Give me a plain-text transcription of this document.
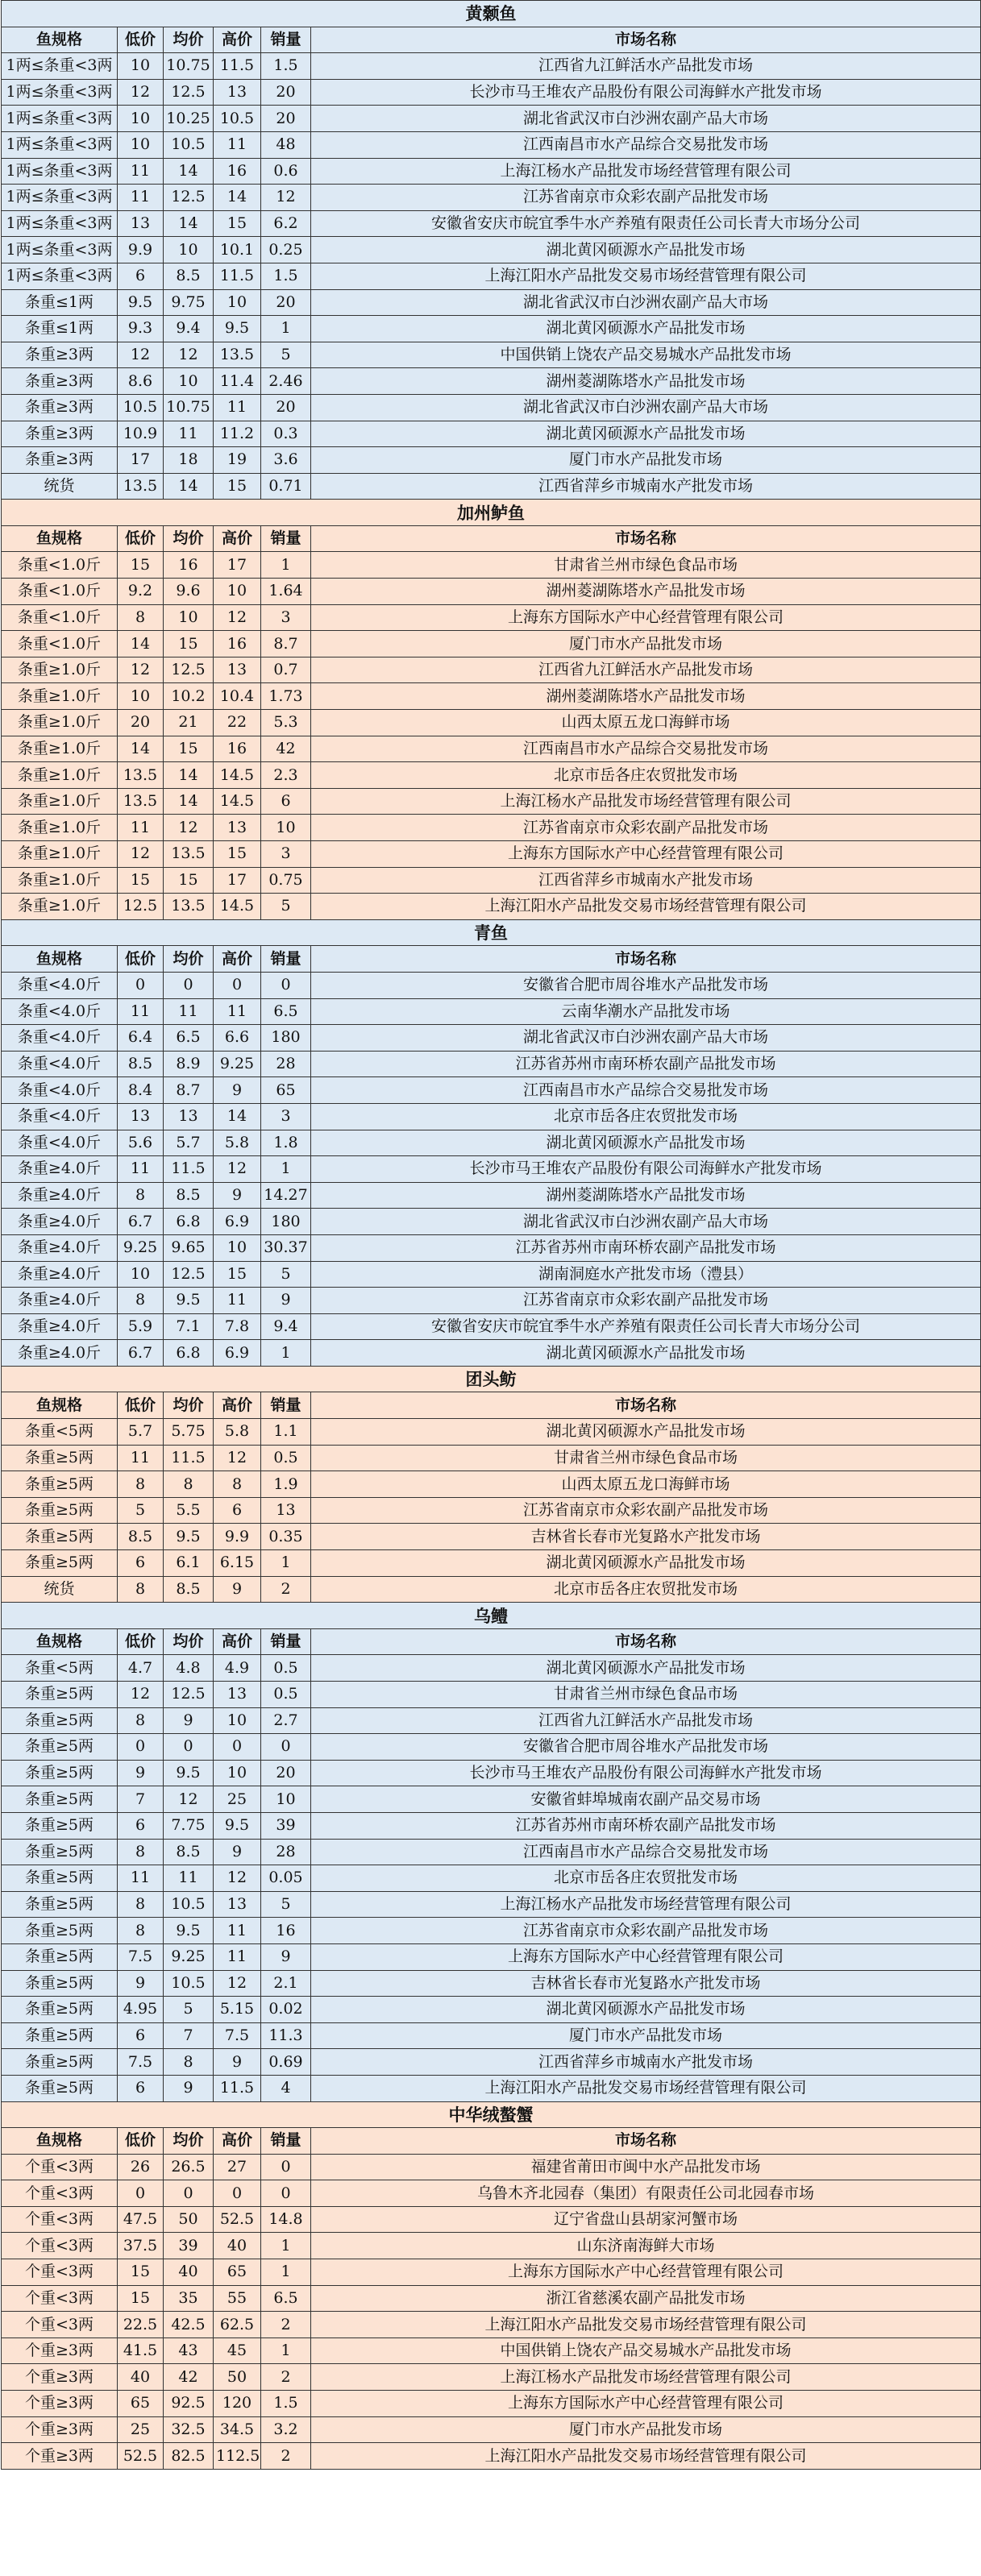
黄颡鱼					
鱼规格	低价	均价	高价	销量	市场名称
1两≤条重<3两	10	10.75	11.5	1.5	江西省九江鲜活水产品批发市场
1两≤条重<3两	12	12.5	13	20	长沙市马王堆农产品股份有限公司海鲜水产批发市场
1两≤条重<3两	10	10.25	10.5	20	湖北省武汉市白沙洲农副产品大市场
1两≤条重<3两	10	10.5	11	48	江西南昌市水产品综合交易批发市场
1两≤条重<3两	11	14	16	0.6	上海江杨水产品批发市场经营管理有限公司
1两≤条重<3两	11	12.5	14	12	江苏省南京市众彩农副产品批发市场
1两≤条重<3两	13	14	15	6.2	安徽省安庆市皖宜季牛水产养殖有限责任公司长青大市场分公司
1两≤条重<3两	9.9	10	10.1	0.25	湖北黄冈硕源水产品批发市场
1两≤条重<3两	6	8.5	11.5	1.5	上海江阳水产品批发交易市场经营管理有限公司
条重≤1两	9.5	9.75	10	20	湖北省武汉市白沙洲农副产品大市场
条重≤1两	9.3	9.4	9.5	1	湖北黄冈硕源水产品批发市场
条重≥3两	12	12	13.5	5	中国供销上饶农产品交易城水产品批发市场
条重≥3两	8.6	10	11.4	2.46	湖州菱湖陈塔水产品批发市场
条重≥3两	10.5	10.75	11	20	湖北省武汉市白沙洲农副产品大市场
条重≥3两	10.9	11	11.2	0.3	湖北黄冈硕源水产品批发市场
条重≥3两	17	18	19	3.6	厦门市水产品批发市场
统货	13.5	14	15	0.71	江西省萍乡市城南水产批发市场
加州鲈鱼					
鱼规格	低价	均价	高价	销量	市场名称
条重<1.0斤	15	16	17	1	甘肃省兰州市绿色食品市场
条重<1.0斤	9.2	9.6	10	1.64	湖州菱湖陈塔水产品批发市场
条重<1.0斤	8	10	12	3	上海东方国际水产中心经营管理有限公司
条重<1.0斤	14	15	16	8.7	厦门市水产品批发市场
条重≥1.0斤	12	12.5	13	0.7	江西省九江鲜活水产品批发市场
条重≥1.0斤	10	10.2	10.4	1.73	湖州菱湖陈塔水产品批发市场
条重≥1.0斤	20	21	22	5.3	山西太原五龙口海鲜市场
条重≥1.0斤	14	15	16	42	江西南昌市水产品综合交易批发市场
条重≥1.0斤	13.5	14	14.5	2.3	北京市岳各庄农贸批发市场
条重≥1.0斤	13.5	14	14.5	6	上海江杨水产品批发市场经营管理有限公司
条重≥1.0斤	11	12	13	10	江苏省南京市众彩农副产品批发市场
条重≥1.0斤	12	13.5	15	3	上海东方国际水产中心经营管理有限公司
条重≥1.0斤	15	15	17	0.75	江西省萍乡市城南水产批发市场
条重≥1.0斤	12.5	13.5	14.5	5	上海江阳水产品批发交易市场经营管理有限公司
青鱼					
鱼规格	低价	均价	高价	销量	市场名称
条重<4.0斤	0	0	0	0	安徽省合肥市周谷堆水产品批发市场
条重<4.0斤	11	11	11	6.5	云南华潮水产品批发市场
条重<4.0斤	6.4	6.5	6.6	180	湖北省武汉市白沙洲农副产品大市场
条重<4.0斤	8.5	8.9	9.25	28	江苏省苏州市南环桥农副产品批发市场
条重<4.0斤	8.4	8.7	9	65	江西南昌市水产品综合交易批发市场
条重<4.0斤	13	13	14	3	北京市岳各庄农贸批发市场
条重<4.0斤	5.6	5.7	5.8	1.8	湖北黄冈硕源水产品批发市场
条重≥4.0斤	11	11.5	12	1	长沙市马王堆农产品股份有限公司海鲜水产批发市场
条重≥4.0斤	8	8.5	9	14.27	湖州菱湖陈塔水产品批发市场
条重≥4.0斤	6.7	6.8	6.9	180	湖北省武汉市白沙洲农副产品大市场
条重≥4.0斤	9.25	9.65	10	30.37	江苏省苏州市南环桥农副产品批发市场
条重≥4.0斤	10	12.5	15	5	湖南洞庭水产批发市场（澧县）
条重≥4.0斤	8	9.5	11	9	江苏省南京市众彩农副产品批发市场
条重≥4.0斤	5.9	7.1	7.8	9.4	安徽省安庆市皖宜季牛水产养殖有限责任公司长青大市场分公司
条重≥4.0斤	6.7	6.8	6.9	1	湖北黄冈硕源水产品批发市场
团头鲂					
鱼规格	低价	均价	高价	销量	市场名称
条重<5两	5.7	5.75	5.8	1.1	湖北黄冈硕源水产品批发市场
条重≥5两	11	11.5	12	0.5	甘肃省兰州市绿色食品市场
条重≥5两	8	8	8	1.9	山西太原五龙口海鲜市场
条重≥5两	5	5.5	6	13	江苏省南京市众彩农副产品批发市场
条重≥5两	8.5	9.5	9.9	0.35	吉林省长春市光复路水产批发市场
条重≥5两	6	6.1	6.15	1	湖北黄冈硕源水产品批发市场
统货	8	8.5	9	2	北京市岳各庄农贸批发市场
乌鳢					
鱼规格	低价	均价	高价	销量	市场名称
条重<5两	4.7	4.8	4.9	0.5	湖北黄冈硕源水产品批发市场
条重≥5两	12	12.5	13	0.5	甘肃省兰州市绿色食品市场
条重≥5两	8	9	10	2.7	江西省九江鲜活水产品批发市场
条重≥5两	0	0	0	0	安徽省合肥市周谷堆水产品批发市场
条重≥5两	9	9.5	10	20	长沙市马王堆农产品股份有限公司海鲜水产批发市场
条重≥5两	7	12	25	10	安徽省蚌埠城南农副产品交易市场
条重≥5两	6	7.75	9.5	39	江苏省苏州市南环桥农副产品批发市场
条重≥5两	8	8.5	9	28	江西南昌市水产品综合交易批发市场
条重≥5两	11	11	12	0.05	北京市岳各庄农贸批发市场
条重≥5两	8	10.5	13	5	上海江杨水产品批发市场经营管理有限公司
条重≥5两	8	9.5	11	16	江苏省南京市众彩农副产品批发市场
条重≥5两	7.5	9.25	11	9	上海东方国际水产中心经营管理有限公司
条重≥5两	9	10.5	12	2.1	吉林省长春市光复路水产批发市场
条重≥5两	4.95	5	5.15	0.02	湖北黄冈硕源水产品批发市场
条重≥5两	6	7	7.5	11.3	厦门市水产品批发市场
条重≥5两	7.5	8	9	0.69	江西省萍乡市城南水产批发市场
条重≥5两	6	9	11.5	4	上海江阳水产品批发交易市场经营管理有限公司
中华绒螯蟹					
鱼规格	低价	均价	高价	销量	市场名称
个重<3两	26	26.5	27	0	福建省莆田市闽中水产品批发市场
个重<3两	0	0	0	0	乌鲁木齐北园春（集团）有限责任公司北园春市场
个重<3两	47.5	50	52.5	14.8	辽宁省盘山县胡家河蟹市场
个重<3两	37.5	39	40	1	山东济南海鲜大市场
个重<3两	15	40	65	1	上海东方国际水产中心经营管理有限公司
个重<3两	15	35	55	6.5	浙江省慈溪农副产品批发市场
个重<3两	22.5	42.5	62.5	2	上海江阳水产品批发交易市场经营管理有限公司
个重≥3两	41.5	43	45	1	中国供销上饶农产品交易城水产品批发市场
个重≥3两	40	42	50	2	上海江杨水产品批发市场经营管理有限公司
个重≥3两	65	92.5	120	1.5	上海东方国际水产中心经营管理有限公司
个重≥3两	25	32.5	34.5	3.2	厦门市水产品批发市场
个重≥3两	52.5	82.5	112.5	2	上海江阳水产品批发交易市场经营管理有限公司
